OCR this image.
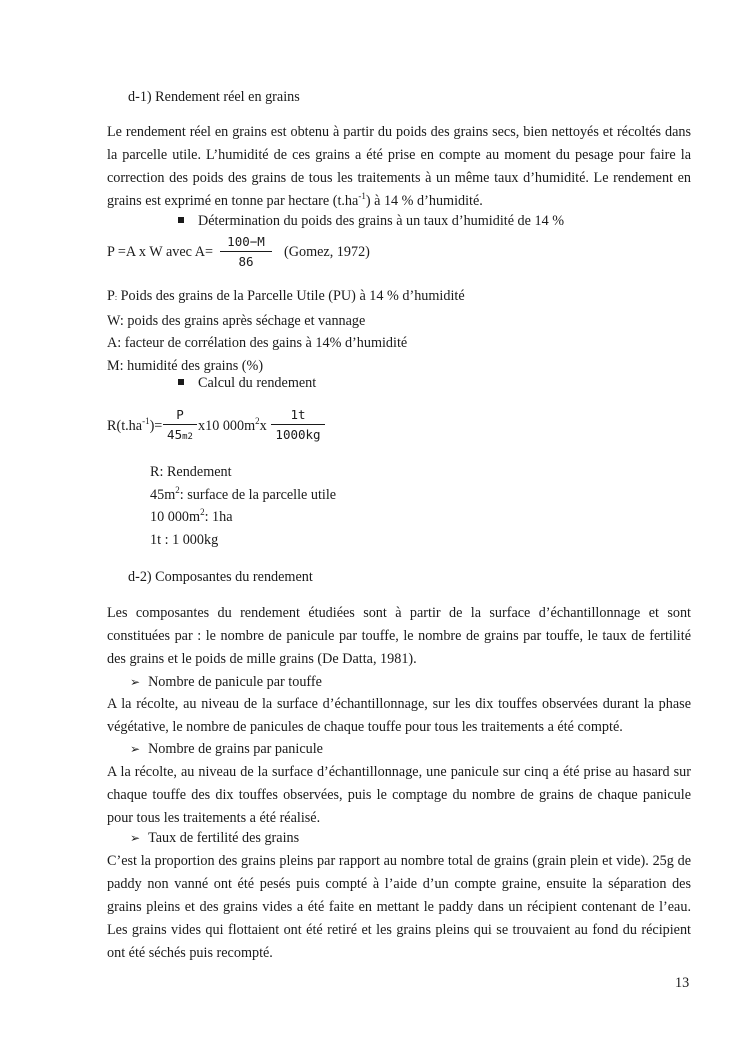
d-1) Rendement réel en grains
Le rendement réel en grains est obtenu à partir du poids des grains secs, bien nettoyés et récoltés dans la parcelle utile. L’humidité de ces grains a été prise en compte au moment du pesage pour faire la correction des poids des grains de tous les traitements à un même taux d’humidité. Le rendement en grains est exprimé en tonne par hectare $(t.ha^{-1})$ à 14 % d’humidité.
Détermination du poids des grains à un taux d’humidité de 14 %
P =A x W avec $A= \frac{100-M}{86}$ (Gomez, 1972)
P: Poids des grains de la Parcelle Utile (PU) à 14 % d’humidité
W: poids des grains après séchage et vannage
A: facteur de corrélation des gains à 14% d’humidité
M: humidité des grains (%)
Calcul du rendement
$R(t.ha^{-1})= \frac{P}{45m2} x10$ $000m^2x \frac{1t}{1000kg}$
R: Rendement
$45m^2$: surface de la parcelle utile
10 $000m^2$: 1ha
1t : 1 000kg
d-2) Composantes du rendement
Les composantes du rendement étudiées sont à partir de la surface d’échantillonnage et sont constituées par : le nombre de panicule par touffe, le nombre de grains par touffe, le taux de fertilité des grains et le poids de mille grains (De Datta, 1981).
➢ Nombre de panicule par touffe
A la récolte, au niveau de la surface d’échantillonnage, sur les dix touffes observées durant la phase végétative, le nombre de panicules de chaque touffe pour tous les traitements a été compté.
➢ Nombre de grains par panicule
A la récolte, au niveau de la surface d’échantillonnage, une panicule sur cinq a été prise au hasard sur chaque touffe des dix touffes observées, puis le comptage du nombre de grains de chaque panicule pour tous les traitements a été réalisé.
➢ Taux de fertilité des grains
C’est la proportion des grains pleins par rapport au nombre total de grains (grain plein et vide). 25g de paddy non vanné ont été pesés puis compté à l’aide d’un compte graine, ensuite la séparation des grains pleins et des grains vides a été faite en mettant le paddy dans un récipient contenant de l’eau. Les grains vides qui flottaient ont été retiré et les grains pleins qui se trouvaient au fond du récipient ont été séchés puis recompté.
13
